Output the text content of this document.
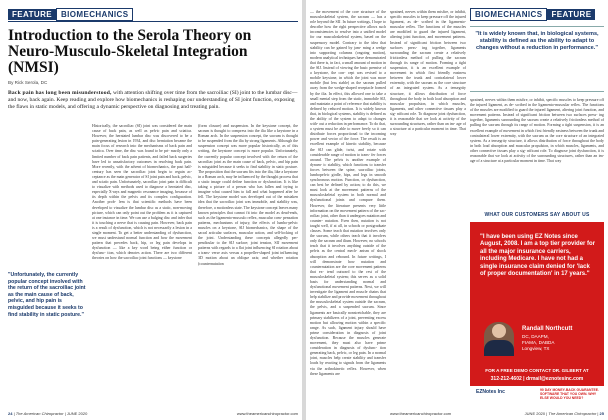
FEATURE	BIOMECHANICS
Introduction to the Serola Theory on Neuro-Musculo-Skeletal Integration (NMSI)
By Rick Serola, DC
Back pain has long been misunderstood, with attention shifting over time from the sacroiliac (SI) joint to the lumbar disc—and now, back again. Keep reading and explore how biomechanics is reshaping our understanding of SI joint function, exposing the flaws in static models, and offering a dynamic perspective on diagnosing and treating pain.
Historically, the sacroiliac (SI) joint was considered the main cause of back pain, as well as pelvic pain and sciatica. However, the herniated lumbar disc was discovered to be a pain-generating lesion in 1934, and disc herniation became the main focus of research into the mechanisms of back pain and sciatica. Over time, the disc was found to be pri- marily only a limited number of back pain patients, and failed back surgeries have led to unsatisfactory outcomes in resolving back pain. More recently, with the advent of biomechanics, the past half-century has seen the sacroiliac joint begin to regain ac- ceptance as the main generator of SI joint pain and back, pelvic, and sciatic pain. Unfortunately, sacroiliac joint pain is difficult to visualize with methods used to diagnose a herniated disc, especially X-rays and magnetic resonance imaging, because of its depth within the pelvis and its complex configuration. Another prob- lem is that scientific methods have been developed to visualize the lumbar disc as a static, non-moving picture, which can only point out the problem as it is captured at one instance in time. We can use a bulging disc and infer that it is touching a nerve that is causing pain. However, back pain is a result of dysfunction, which is not necessarily a lesion in a single moment. To get a better understanding of dysfunction, we must understand normal function and how the movement pattern that precedes back, hip, or leg pain develops in dysfunction — like a key word being either function or dysfunc- tion, which denotes action. There are two different theories on how the sacroiliac joint functions — keystone
(form closure) and suspension. In the keystone concept, the sacrum is thought to compress into the ilia like a keystone in a Roman arch. In the suspension concept, the sacrum is thought to be suspended from the ilia by strong ligaments. Although the suspension concept was more popular historically, as of this writing, the keystone concept is more popular. Unfortunately, the currently popular concept involved with the return of the sacroiliac joint as the main cause of back, pelvic, and hip pain is misguided because it seeks to find stability in static posture. The proposition that the sacrum fits into the ilia, like a keystone in a Roman arch, may be influenced by the thought process that a static image could define function or dysfunction. It is like taking a picture of a person who has fallen and trying to imagine what caused him to fall and what happened after he fell. The keystone model was developed out of the mistaken idea that the sacroiliac joint was immobile, and stability was, therefore, a motionless state. The keystone concept leaves many known principles that cannot fit into the model as dead-ends, such as the ligamento-musculo reflex, muscular com- pensation patterns, mechanisms of injury, the effects of lumbo-pelvic muscles on a keystone, SIJ biomechanics, the shape of the sacral articular surfaces, muscular action, and self-locking of the joint. Understanding these concepts allegedly per- pendicular to the SIJ surface; joint tension, SIJ movement patterns with regards to a flat joint influencing SI rotation about a trans- verse axis versus a propeller-shaped joint influencing 3D motion about an oblique axis; and whether rotation (counternutation
"Unfortunately, the currently popular concept involved with the return of the sacroiliac joint as the main cause of back, pelvic, and hip pain is misguided because it seeks to find stability in static posture."
24 | The American Chiropractor | JUNE 2020	www.theamericanchiropractor.com
— the movement of the core structure of the musculoskeletal system, the sacrum — has a role beyond the SIJ. In future writings, I hope to describe how the right perspective allows such inconsistencies to resolve into a unified model for our musculoskeletal system, based on the suspensory model. Contrary to the idea that stability can be gained by jam- ming a wedge into supporting columns (ongoing motion), modern analytical techniques have demonstrated that there is, in fact, a small amount of motion in the SIJ. Instead of viewing the basic premise of a keystone, the con- cept was revised to a mobile keystone, in which the joint was more mobile (but less stable) as the sacrum pulled away from the wedge-shaped receptacle formed by the ilia. In effect, this allowed one to take a small mental step from the static, immobile SIJ, and maintain a point of reference that stability is defined by reduced motion. It is widely known that, in biological systems, stability is defined as the ability of the system to adapt to changes with- out a reduction in performance. To do that, a system must be able to move freely so it can distribute forces proportional to the incoming power and vector of the force. The result is an excellent example of kinetic stability, because the SIJ can glide, twist, and rotate with considerable range of motion to trans- fer forces around. The pelvis is another example of dynam- ic stability, which functions to transfer forces between the spine, sacroiliac joints, lumbopelvic girdle, hips, and legs in smooth synchronous motion. Function, or dysfunction, can best be defined by action; to do this, we must look at the movement patterns of the musculoskeletal system in both normal and dysfunctional joints and compare them. However, the literature presents very little information on the movement pattern of the sac- roiliac joint, other than it undergoes nutation and counter- nutation. Even then, nutation is not taught well, if at all, in schools or postgraduate classes. Some teach that nutation involves only the sacrum, while others teach that it involves only the sacrum and ilium. However, no schools teach that it involves anything outside of the pelvis as the central mech- anism of shock absorption and rebound. In future writings, I will demonstrate how nutation and counternutation are the core movement patterns that ex- tend outward to the rest of the musculoskeletal system; this serves as a solid basis for understanding normal and dysfunctional movement patterns. Next, we will investigate the ligament and muscle chains that help stabilize and provide movement throughout the musculoskeletal system outside the sacrum, the pelvis, and a suspended sacrum. Since ligaments are basically nonstretchable, they are primary stabilizers of a joint, preventing excess motion but allowing motion within a specific range. As such, ligament injury should have prime consideration in diagnosis of joint dysfunction. Because the muscles generate movement, they must also have prime consideration in diagnosis of dysfunc- tion generating back, pelvic, or leg pain. In a normal joint, muscles help create stability and transfer loads by reacting to signals from the ligaments via the arthrokinetic reflex. However, when these ligaments are
BIOMECHANICS	FEATURE
sprained, nerves within them misfire, or inhibit, specific muscles to keep pressure off the injured ligament, as de- scribed in the ligamento-muscular reflex. The functions of the muscles are modified to guard the injured ligament, altering joint function, and movement patterns. Instead of significant friction between two surfaces press- ing together, ligaments surrounding the sacrum create a relatively frictionless method of pulling the sacrum through its range of motion. Forming a tight suspension, it is an excellent example of movement in which first friendly easiness between the trunk and contralateral lower extremity, with the sacrum as the core structure of an integrated system. As a tensegrity structure, it allows distribution of force throughout the body in both load absorption and muscular propulsion, in which muscles, ligaments, and other connective tissues play a sig- nificant role. To diagnose joint dysfunction, it is reasonable that we look at activity of the surrounding structures, rather than an im- age of a structure at a particular moment in time. That way
"It is widely known that, in biological systems, stability is defined as the ability to adapt to changes without a reduction in performance."
sprained, nerves within them misfire, or inhibit, specific muscles to keep pressure off the injured ligament, as de- scribed in the ligamento-muscular reflex. The functions of the muscles are modified to guard the injured ligament, altering joint function, and movement patterns. Instead of significant friction between two surfaces press- ing together, ligaments surrounding the sacrum create a relatively frictionless method of pulling the sacrum through its range of motion. Forming a tight suspension, it is an excellent example of movement in which first friendly easiness between the trunk and contralateral lower extremity, with the sacrum as the core structure of an integrated system. As a tensegrity structure, it allows distribution of force throughout the body in both load absorption and muscular propulsion, in which muscles, ligaments, and other connective tissues play a sig- nificant role. To diagnose joint dysfunction, it is reasonable that we look at activity of the surrounding structures, rather than an im- age of a structure at a particular moment in time. That way
WHAT OUR CUSTOMERS SAY ABOUT US
"I have been using EZ Notes since August, 2008. I am a top tier provider for all the major insurance carriers, including Medicare. I have not had a single insurance claim denied for 'lack of proper documentation' in 17 years."
Randall Northcutt
DC, DAAPM,
FIAMA, DABDA
Longview, TX
FOR A FREE DEMO CONTACT DR. GILBERT AT
312-212-4602 | drmail@eznotesinc.com
EZNotes Inc	90 DAY MONEY-BACK GUARANTEE. SOFTWARE THAT YOU OWN. WHY ELSE WOULD YOU NEED?
www.theamericanchiropractor.com	JUNE 2020 | The American Chiropractor | 25
